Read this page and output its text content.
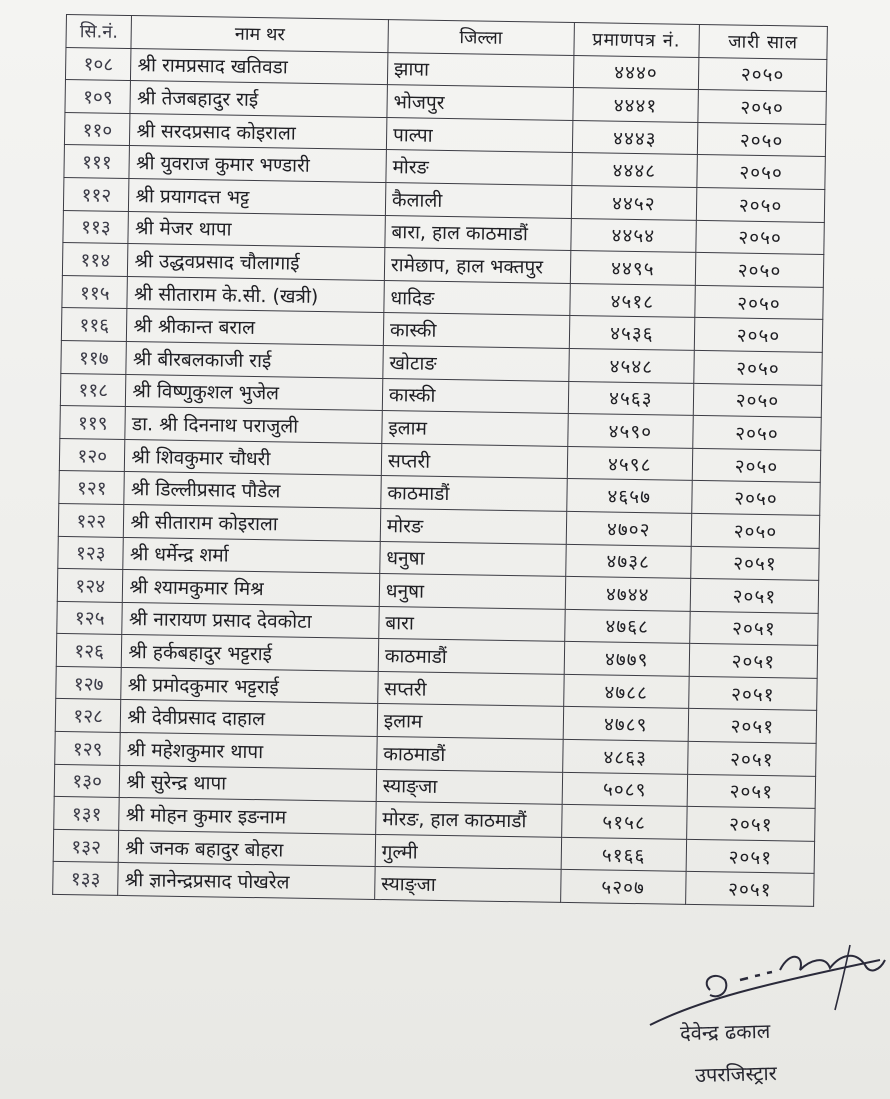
सि.नं.	नाम थर	जिल्ला	प्रमाणपत्र नं.	जारी साल
१०८	श्री रामप्रसाद खतिवडा	झापा	४४४०	२०५०
१०९	श्री तेजबहादुर राई	भोजपुर	४४४१	२०५०
११०	श्री सरदप्रसाद कोइराला	पाल्पा	४४४३	२०५०
१११	श्री युवराज कुमार भण्डारी	मोरङ	४४४८	२०५०
११२	श्री प्रयागदत्त भट्ट	कैलाली	४४५२	२०५०
११३	श्री मेजर थापा	बारा, हाल काठमाडौं	४४५४	२०५०
११४	श्री उद्धवप्रसाद चौलागाई	रामेछाप, हाल भक्तपुर	४४९५	२०५०
११५	श्री सीताराम के.सी. (खत्री)	धादिङ	४५१८	२०५०
११६	श्री श्रीकान्त बराल	कास्की	४५३६	२०५०
११७	श्री बीरबलकाजी राई	खोटाङ	४५४८	२०५०
११८	श्री विष्णुकुशल भुजेल	कास्की	४५६३	२०५०
११९	डा. श्री दिननाथ पराजुली	इलाम	४५९०	२०५०
१२०	श्री शिवकुमार चौधरी	सप्तरी	४५९८	२०५०
१२१	श्री डिल्लीप्रसाद पौडेल	काठमाडौं	४६५७	२०५०
१२२	श्री सीताराम कोइराला	मोरङ	४७०२	२०५०
१२३	श्री धर्मेन्द्र शर्मा	धनुषा	४७३८	२०५१
१२४	श्री श्यामकुमार मिश्र	धनुषा	४७४४	२०५१
१२५	श्री नारायण प्रसाद देवकोटा	बारा	४७६८	२०५१
१२६	श्री हर्कबहादुर भट्टराई	काठमाडौं	४७७९	२०५१
१२७	श्री प्रमोदकुमार भट्टराई	सप्तरी	४७८८	२०५१
१२८	श्री देवीप्रसाद दाहाल	इलाम	४७८९	२०५१
१२९	श्री महेशकुमार थापा	काठमाडौं	४८६३	२०५१
१३०	श्री सुरेन्द्र थापा	स्याङ्जा	५०८९	२०५१
१३१	श्री मोहन कुमार इङनाम	मोरङ, हाल काठमाडौं	५१५८	२०५१
१३२	श्री जनक बहादुर बोहरा	गुल्मी	५१६६	२०५१
१३३	श्री ज्ञानेन्द्रप्रसाद पोखरेल	स्याङ्जा	५२०७	२०५१
देवेन्द्र ढकाल
उपरजिस्ट्रार
